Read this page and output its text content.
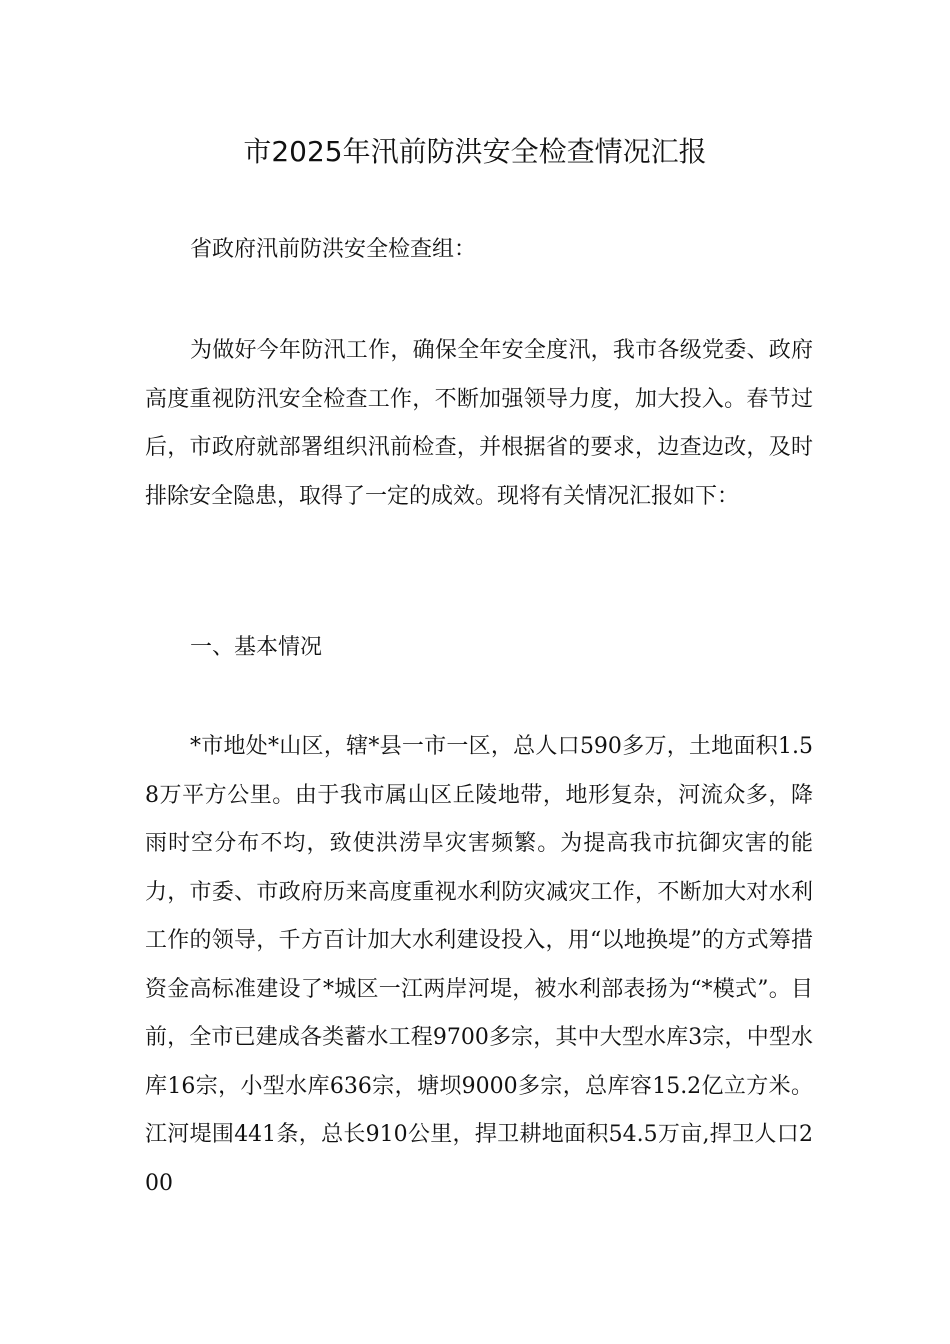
市2025年汛前防洪安全检查情况汇报

省政府汛前防洪安全检查组：

为做好今年防汛工作，确保全年安全度汛，我市各级党委、政府高度重视防汛安全检查工作，不断加强领导力度，加大投入。春节过后，市政府就部署组织汛前检查，并根据省的要求，边查边改，及时排除安全隐患，取得了一定的成效。现将有关情况汇报如下：

一、基本情况

*市地处*山区，辖*县一市一区，总人口590多万，土地面积1.58万平方公里。由于我市属山区丘陵地带，地形复杂，河流众多，降雨时空分布不均，致使洪涝旱灾害频繁。为提高我市抗御灾害的能力，市委、市政府历来高度重视水利防灾减灾工作，不断加大对水利工作的领导，千方百计加大水利建设投入，用“以地换堤”的方式筹措资金高标准建设了*城区一江两岸河堤，被水利部表扬为“*模式”。目前，全市已建成各类蓄水工程9700多宗，其中大型水库3宗，中型水库16宗，小型水库636宗，塘坝9000多宗，总库容15.2亿立方米。江河堤围441条，总长910公里，捍卫耕地面积54.5万亩,捍卫人口200
